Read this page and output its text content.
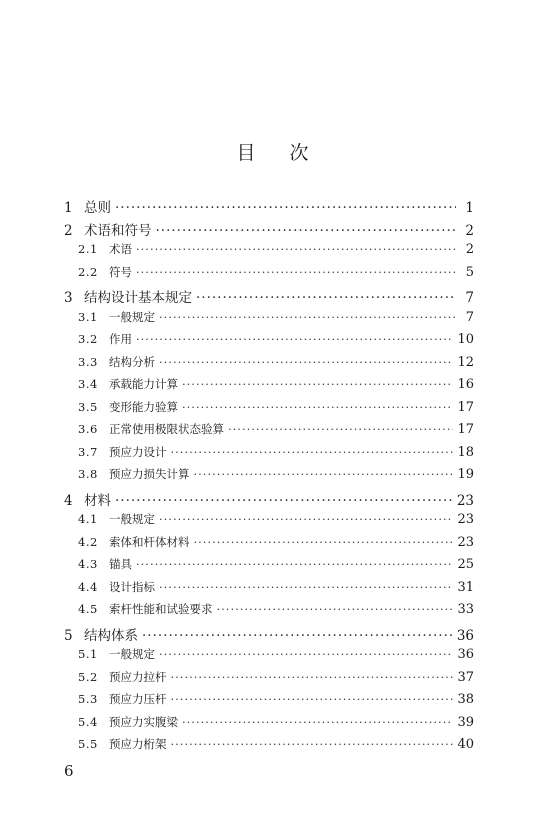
目 次
1 总则 ·····	1
2 术语和符号 ·····	2
2.1 术语 ·····	2
2.2 符号 ·····	5
3 结构设计基本规定 ·····	7
3.1 一般规定 ·····	7
3.2 作用 ·····	10
3.3 结构分析 ·····	12
3.4 承载能力计算 ·····	16
3.5 变形能力验算 ·····	17
3.6 正常使用极限状态验算 ·····	17
3.7 预应力设计 ·····	18
3.8 预应力损失计算 ·····	19
4 材料 ·····	23
4.1 一般规定 ·····	23
4.2 索体和杆体材料 ·····	23
4.3 锚具 ·····	25
4.4 设计指标 ·····	31
4.5 索杆性能和试验要求 ·····	33
5 结构体系 ·····	36
5.1 一般规定 ·····	36
5.2 预应力拉杆 ·····	37
5.3 预应力压杆 ·····	38
5.4 预应力实腹梁 ·····	39
5.5 预应力桁架 ·····	40
6
